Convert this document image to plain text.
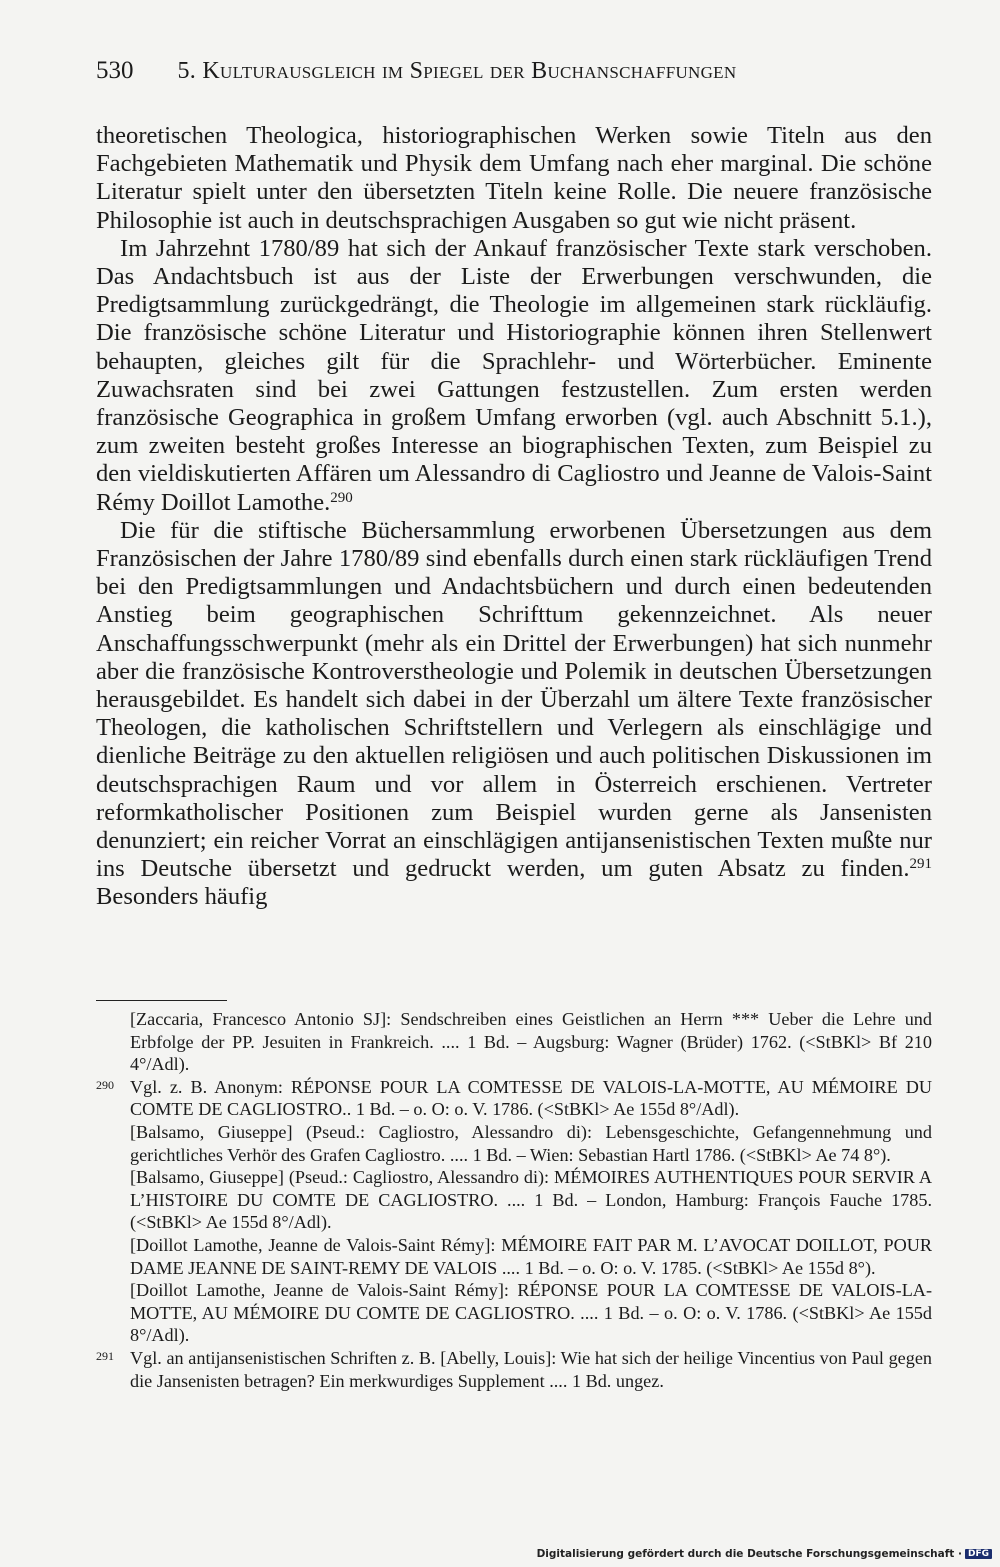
530 5. Kulturausgleich im Spiegel der Buchanschaffungen

theoretischen Theologica, historiographischen Werken sowie Titeln aus den Fachgebieten Mathematik und Physik dem Umfang nach eher marginal. Die schöne Literatur spielt unter den übersetzten Titeln keine Rolle. Die neuere französische Philosophie ist auch in deutschsprachigen Ausgaben so gut wie nicht präsent.

Im Jahrzehnt 1780/89 hat sich der Ankauf französischer Texte stark verschoben. Das Andachtsbuch ist aus der Liste der Erwerbungen verschwunden, die Predigtsammlung zurückgedrängt, die Theologie im allgemeinen stark rückläufig. Die französische schöne Literatur und Historiographie können ihren Stellenwert behaupten, gleiches gilt für die Sprachlehr- und Wörterbücher. Eminente Zuwachsraten sind bei zwei Gattungen festzustellen. Zum ersten werden französische Geographica in großem Umfang erworben (vgl. auch Abschnitt 5.1.), zum zweiten besteht großes Interesse an biographischen Texten, zum Beispiel zu den vieldiskutierten Affären um Alessandro di Cagliostro und Jeanne de Valois-Saint Rémy Doillot Lamothe.$^{290}$

Die für die stiftische Büchersammlung erworbenen Übersetzungen aus dem Französischen der Jahre 1780/89 sind ebenfalls durch einen stark rückläufigen Trend bei den Predigtsammlungen und Andachtsbüchern und durch einen bedeutenden Anstieg beim geographischen Schrifttum gekennzeichnet. Als neuer Anschaffungsschwerpunkt (mehr als ein Drittel der Erwerbungen) hat sich nunmehr aber die französische Kontroverstheologie und Polemik in deutschen Übersetzungen herausgebildet. Es handelt sich dabei in der Überzahl um ältere Texte französischer Theologen, die katholischen Schriftstellern und Verlegern als einschlägige und dienliche Beiträge zu den aktuellen religiösen und auch politischen Diskussionen im deutschsprachigen Raum und vor allem in Österreich erschienen. Vertreter reformkatholischer Positionen zum Beispiel wurden gerne als Jansenisten denunziert; ein reicher Vorrat an einschlägigen antijansenistischen Texten mußte nur ins Deutsche übersetzt und gedruckt werden, um guten Absatz zu finden.$^{291}$ Besonders häufig

[Zaccaria, Francesco Antonio SJ]: Sendschreiben eines Geistlichen an Herrn *** Ueber die Lehre und Erbfolge der PP. Jesuiten in Frankreich. .... 1 Bd. – Augsburg: Wagner (Brüder) 1762. (<StBKl> Bf 210 4°/Adl).

290 Vgl. z. B. Anonym: RÉPONSE POUR LA COMTESSE DE VALOIS-LA-MOTTE, AU MÉMOIRE DU COMTE DE CAGLIOSTRO.. 1 Bd. – o. O: o. V. 1786. (<StBKl> Ae 155d 8°/Adl).

[Balsamo, Giuseppe] (Pseud.: Cagliostro, Alessandro di): Lebensgeschichte, Gefangennehmung und gerichtliches Verhör des Grafen Cagliostro. .... 1 Bd. – Wien: Sebastian Hartl 1786. (<StBKl> Ae 74 8°).

[Balsamo, Giuseppe] (Pseud.: Cagliostro, Alessandro di): MÉMOIRES AUTHENTIQUES POUR SERVIR A L’HISTOIRE DU COMTE DE CAGLIOSTRO. .... 1 Bd. – London, Hamburg: François Fauche 1785. (<StBKl> Ae 155d 8°/Adl).

[Doillot Lamothe, Jeanne de Valois-Saint Rémy]: MÉMOIRE FAIT PAR M. L’AVOCAT DOILLOT, POUR DAME JEANNE DE SAINT-REMY DE VALOIS .... 1 Bd. – o. O: o. V. 1785. (<StBKl> Ae 155d 8°).

[Doillot Lamothe, Jeanne de Valois-Saint Rémy]: RÉPONSE POUR LA COMTESSE DE VALOIS-LA-MOTTE, AU MÉMOIRE DU COMTE DE CAGLIOSTRO. .... 1 Bd. – o. O: o. V. 1786. (<StBKl> Ae 155d 8°/Adl).

291 Vgl. an antijansenistischen Schriften z. B. [Abelly, Louis]: Wie hat sich der heilige Vincentius von Paul gegen die Jansenisten betragen? Ein merkwurdiges Supplement .... 1 Bd. ungez.

Digitalisierung gefördert durch die Deutsche Forschungsgemeinschaft · DFG
